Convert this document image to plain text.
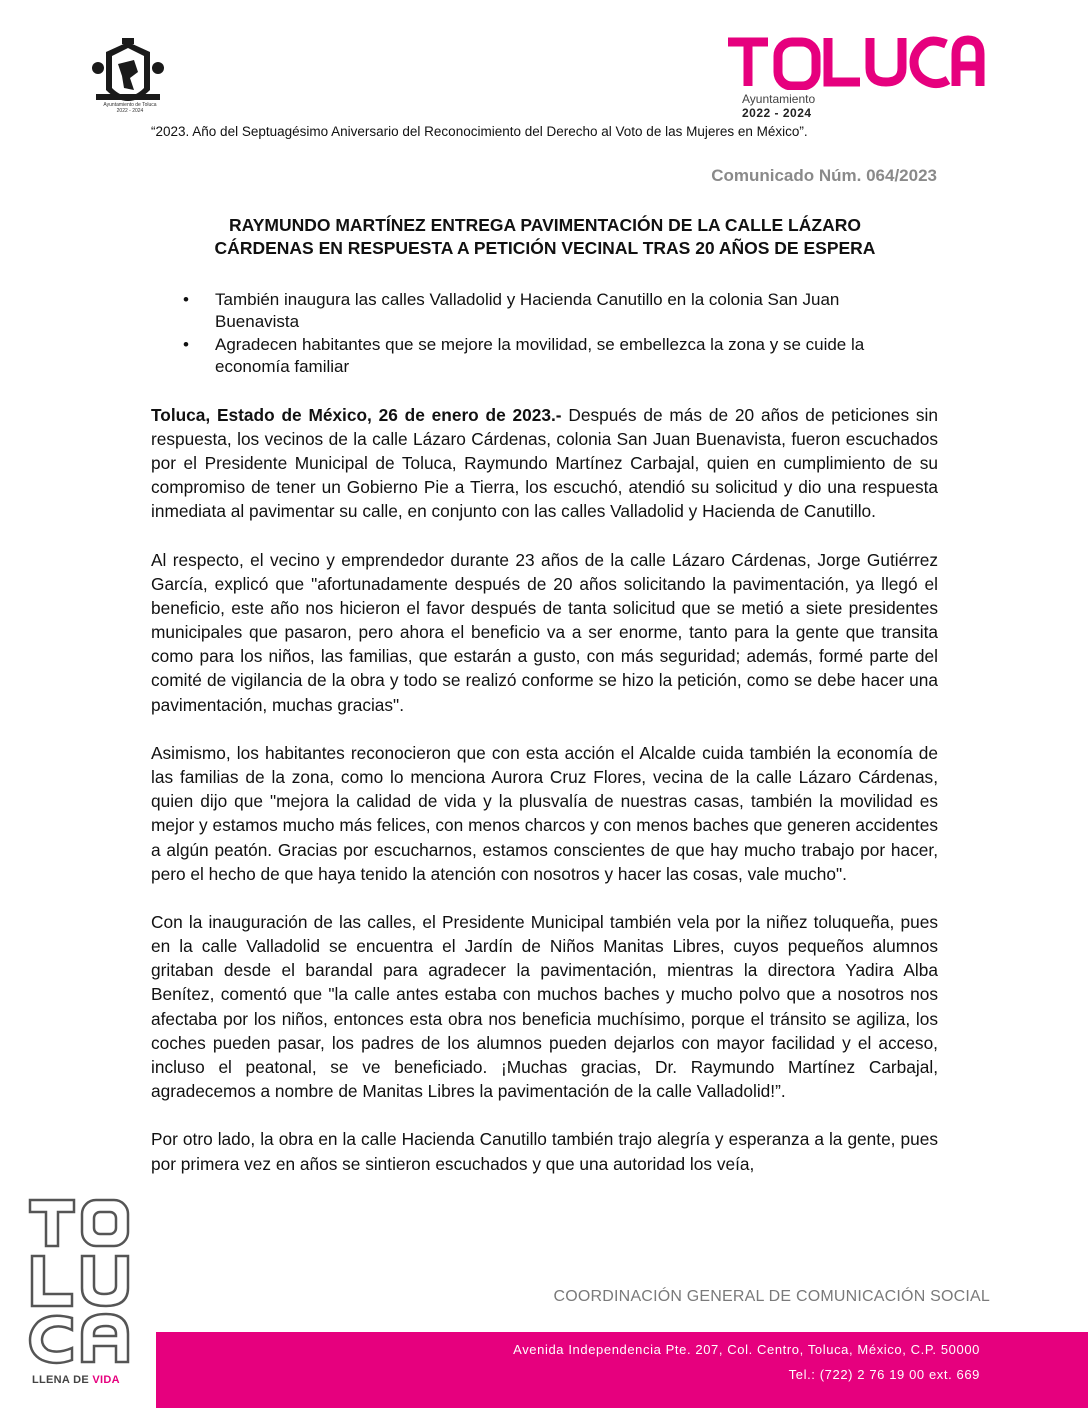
Ayuntamiento de Toluca
2022 - 2024
Ayuntamiento
2022 - 2024
“2023. Año del Septuagésimo Aniversario del Reconocimiento del Derecho al Voto de las Mujeres en México”.
Comunicado Núm. 064/2023
RAYMUNDO MARTÍNEZ ENTREGA PAVIMENTACIÓN DE LA CALLE LÁZARO
CÁRDENAS EN RESPUESTA A PETICIÓN VECINAL TRAS 20 AÑOS DE ESPERA
• También inaugura las calles Valladolid y Hacienda Canutillo en la colonia San Juan Buenavista
• Agradecen habitantes que se mejore la movilidad, se embellezca la zona y se cuide la economía familiar

Toluca, Estado de México, 26 de enero de 2023.- Después de más de 20 años de peticiones sin respuesta, los vecinos de la calle Lázaro Cárdenas, colonia San Juan Buenavista, fueron escuchados por el Presidente Municipal de Toluca, Raymundo Martínez Carbajal, quien en cumplimiento de su compromiso de tener un Gobierno Pie a Tierra, los escuchó, atendió su solicitud y dio una respuesta inmediata al pavimentar su calle, en conjunto con las calles Valladolid y Hacienda de Canutillo.

Al respecto, el vecino y emprendedor durante 23 años de la calle Lázaro Cárdenas, Jorge Gutiérrez García, explicó que "afortunadamente después de 20 años solicitando la pavimentación, ya llegó el beneficio, este año nos hicieron el favor después de tanta solicitud que se metió a siete presidentes municipales que pasaron, pero ahora el beneficio va a ser enorme, tanto para la gente que transita como para los niños, las familias, que estarán a gusto, con más seguridad; además, formé parte del comité de vigilancia de la obra y todo se realizó conforme se hizo la petición, como se debe hacer una pavimentación, muchas gracias".

Asimismo, los habitantes reconocieron que con esta acción el Alcalde cuida también la economía de las familias de la zona, como lo menciona Aurora Cruz Flores, vecina de la calle Lázaro Cárdenas, quien dijo que "mejora la calidad de vida y la plusvalía de nuestras casas, también la movilidad es mejor y estamos mucho más felices, con menos charcos y con menos baches que generen accidentes a algún peatón. Gracias por escucharnos, estamos conscientes de que hay mucho trabajo por hacer, pero el hecho de que haya tenido la atención con nosotros y hacer las cosas, vale mucho".

Con la inauguración de las calles, el Presidente Municipal también vela por la niñez toluqueña, pues en la calle Valladolid se encuentra el Jardín de Niños Manitas Libres, cuyos pequeños alumnos gritaban desde el barandal para agradecer la pavimentación, mientras la directora Yadira Alba Benítez, comentó que "la calle antes estaba con muchos baches y mucho polvo que a nosotros nos afectaba por los niños, entonces esta obra nos beneficia muchísimo, porque el tránsito se agiliza, los coches pueden pasar, los padres de los alumnos pueden dejarlos con mayor facilidad y el acceso, incluso el peatonal, se ve beneficiado. ¡Muchas gracias, Dr. Raymundo Martínez Carbajal, agradecemos a nombre de Manitas Libres la pavimentación de la calle Valladolid!”.

Por otro lado, la obra en la calle Hacienda Canutillo también trajo alegría y esperanza a la gente, pues por primera vez en años se sintieron escuchados y que una autoridad los veía,

COORDINACIÓN GENERAL DE COMUNICACIÓN SOCIAL
Avenida Independencia Pte. 207, Col. Centro, Toluca, México, C.P. 50000
Tel.: (722) 2 76 19 00 ext. 669
LLENA DE VIDA
